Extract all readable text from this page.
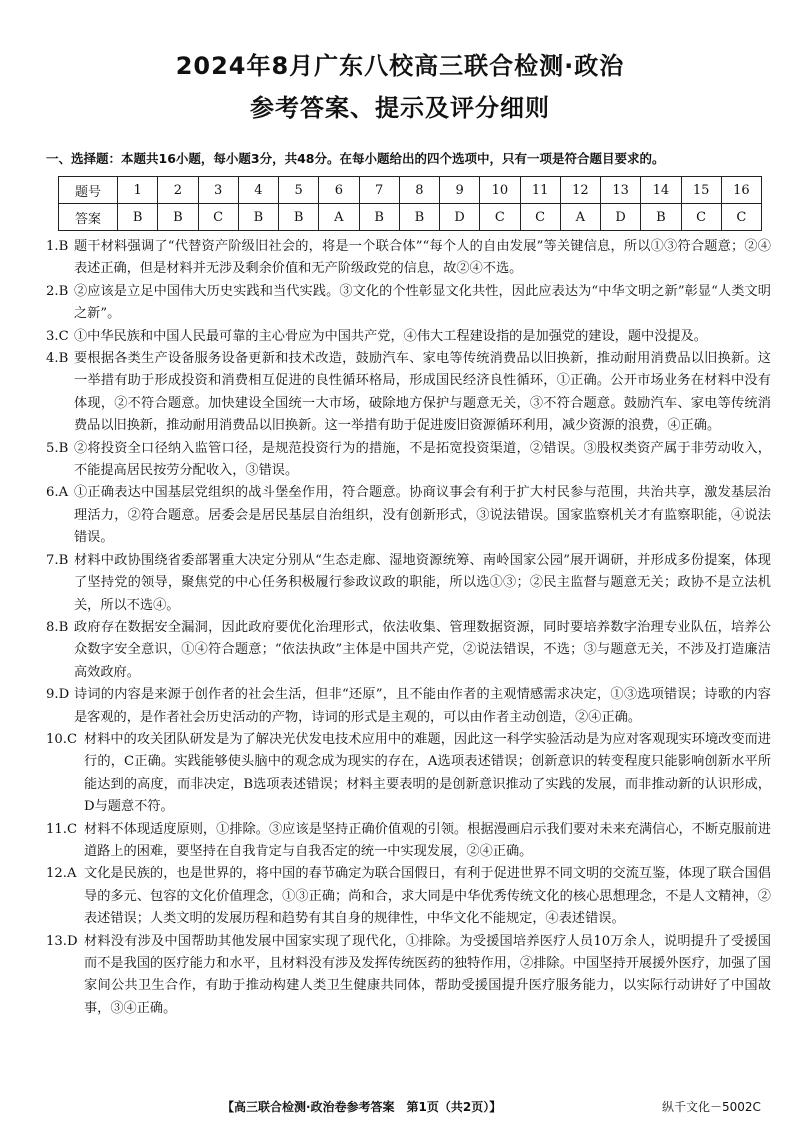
2024年8月广东八校高三联合检测·政治
参考答案、提示及评分细则
一、选择题：本题共16小题，每小题3分，共48分。在每小题给出的四个选项中，只有一项是符合题目要求的。
题号	1	2	3	4	5	6	7	8	9	10	11	12	13	14	15	16
答案	B	B	C	B	B	A	B	B	D	C	C	A	D	B	C	C
1.B 题干材料强调了“代替资产阶级旧社会的，将是一个联合体”“每个人的自由发展”等关键信息，所以①③符合题意；②④表述正确，但是材料并无涉及剩余价值和无产阶级政党的信息，故②④不选。
2.B ②应该是立足中国伟大历史实践和当代实践。③文化的个性彰显文化共性，因此应表达为“中华文明之新”彰显“人类文明之新”。
3.C ①中华民族和中国人民最可靠的主心骨应为中国共产党，④伟大工程建设指的是加强党的建设，题中没提及。
4.B 要根据各类生产设备服务设备更新和技术改造，鼓励汽车、家电等传统消费品以旧换新，推动耐用消费品以旧换新。这一举措有助于形成投资和消费相互促进的良性循环格局，形成国民经济良性循环，①正确。公开市场业务在材料中没有体现，②不符合题意。加快建设全国统一大市场，破除地方保护与题意无关，③不符合题意。鼓励汽车、家电等传统消费品以旧换新，推动耐用消费品以旧换新。这一举措有助于促进废旧资源循环利用，减少资源的浪费，④正确。
5.B ②将投资全口径纳入监管口径，是规范投资行为的措施，不是拓宽投资渠道，②错误。③股权类资产属于非劳动收入，不能提高居民按劳分配收入，③错误。
6.A ①正确表达中国基层党组织的战斗堡垒作用，符合题意。协商议事会有利于扩大村民参与范围，共治共享，激发基层治理活力，②符合题意。居委会是居民基层自治组织，没有创新形式，③说法错误。国家监察机关才有监察职能，④说法错误。
7.B 材料中政协围绕省委部署重大决定分别从“生态走廊、湿地资源统筹、南岭国家公园”展开调研，并形成多份提案，体现了坚持党的领导，聚焦党的中心任务积极履行参政议政的职能，所以选①③；②民主监督与题意无关；政协不是立法机关，所以不选④。
8.B 政府存在数据安全漏洞，因此政府要优化治理形式，依法收集、管理数据资源，同时要培养数字治理专业队伍，培养公众数字安全意识，①④符合题意；“依法执政”主体是中国共产党，②说法错误，不选；③与题意无关，不涉及打造廉洁高效政府。
9.D 诗词的内容是来源于创作者的社会生活，但非“还原”，且不能由作者的主观情感需求决定，①③选项错误；诗歌的内容是客观的，是作者社会历史活动的产物，诗词的形式是主观的，可以由作者主动创造，②④正确。
10.C 材料中的攻关团队研发是为了解决光伏发电技术应用中的难题，因此这一科学实验活动是为应对客观现实环境改变而进行的，C正确。实践能够使头脑中的观念成为现实的存在，A选项表述错误；创新意识的转变程度只能影响创新水平所能达到的高度，而非决定，B选项表述错误；材料主要表明的是创新意识推动了实践的发展，而非推动新的认识形成，D与题意不符。
11.C 材料不体现适度原则，①排除。③应该是坚持正确价值观的引领。根据漫画启示我们要对未来充满信心，不断克服前进道路上的困难，要坚持在自我肯定与自我否定的统一中实现发展，②④正确。
12.A 文化是民族的，也是世界的，将中国的春节确定为联合国假日，有利于促进世界不同文明的交流互鉴，体现了联合国倡导的多元、包容的文化价值理念，①③正确；尚和合，求大同是中华优秀传统文化的核心思想理念，不是人文精神，②表述错误；人类文明的发展历程和趋势有其自身的规律性，中华文化不能规定，④表述错误。
13.D 材料没有涉及中国帮助其他发展中国家实现了现代化，①排除。为受援国培养医疗人员10万余人，说明提升了受援国而不是我国的医疗能力和水平，且材料没有涉及发挥传统医药的独特作用，②排除。中国坚持开展援外医疗，加强了国家间公共卫生合作，有助于推动构建人类卫生健康共同体，帮助受援国提升医疗服务能力，以实际行动讲好了中国故事，③④正确。
【高三联合检测·政治卷参考答案　第1页（共2页）】	纵千文化－5002C
